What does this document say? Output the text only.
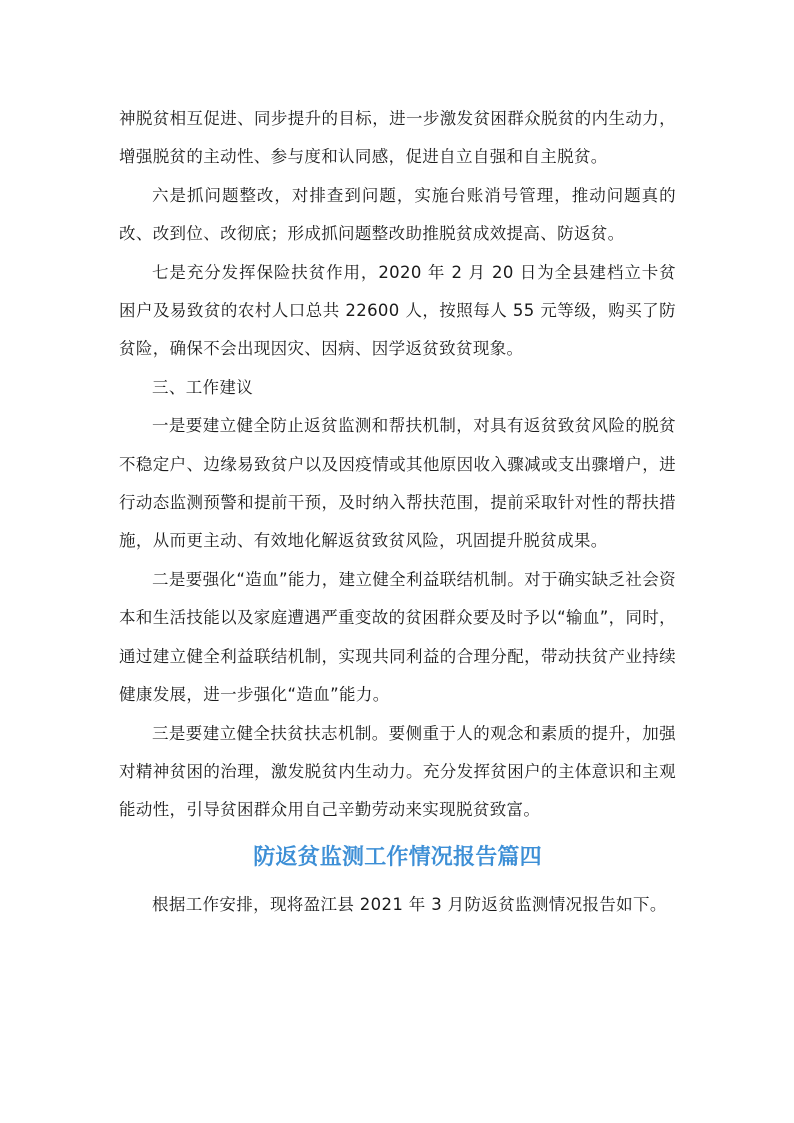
神脱贫相互促进、同步提升的目标，进一步激发贫困群众脱贫的内生动力，增强脱贫的主动性、参与度和认同感，促进自立自强和自主脱贫。

六是抓问题整改，对排查到问题，实施台账消号管理，推动问题真的改、改到位、改彻底；形成抓问题整改助推脱贫成效提高、防返贫。

七是充分发挥保险扶贫作用，2020 年 2 月 20 日为全县建档立卡贫困户及易致贫的农村人口总共 22600 人，按照每人 55 元等级，购买了防贫险，确保不会出现因灾、因病、因学返贫致贫现象。

三、工作建议

一是要建立健全防止返贫监测和帮扶机制，对具有返贫致贫风险的脱贫不稳定户、边缘易致贫户以及因疫情或其他原因收入骤减或支出骤增户，进行动态监测预警和提前干预，及时纳入帮扶范围，提前采取针对性的帮扶措施，从而更主动、有效地化解返贫致贫风险，巩固提升脱贫成果。

二是要强化“造血”能力，建立健全利益联结机制。对于确实缺乏社会资本和生活技能以及家庭遭遇严重变故的贫困群众要及时予以“输血”，同时，通过建立健全利益联结机制，实现共同利益的合理分配，带动扶贫产业持续健康发展，进一步强化“造血”能力。

三是要建立健全扶贫扶志机制。要侧重于人的观念和素质的提升，加强对精神贫困的治理，激发脱贫内生动力。充分发挥贫困户的主体意识和主观能动性，引导贫困群众用自己辛勤劳动来实现脱贫致富。

防返贫监测工作情况报告篇四

根据工作安排，现将盈江县 2021 年 3 月防返贫监测情况报告如下。
